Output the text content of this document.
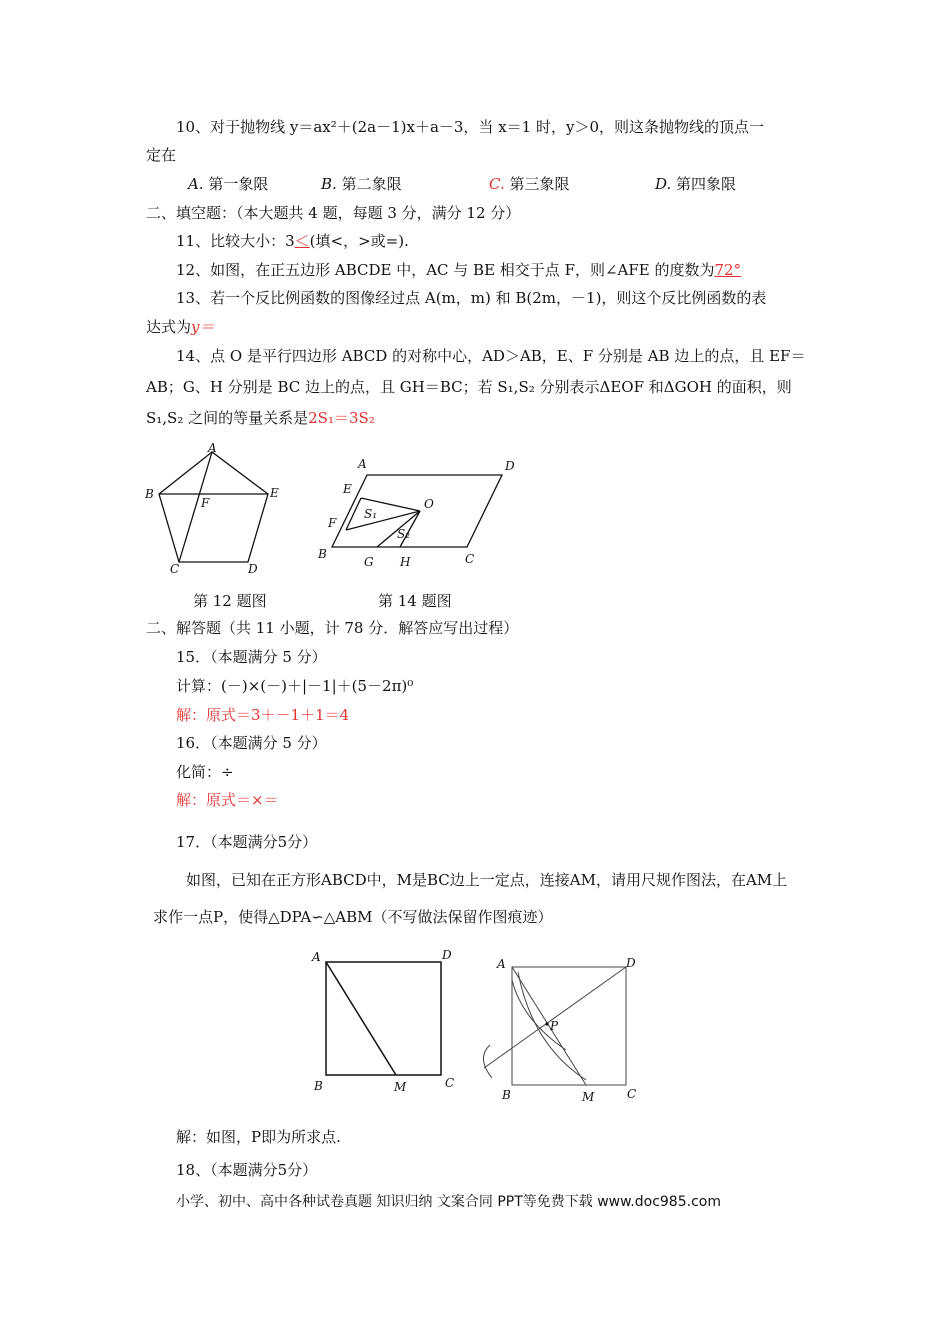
10、对于抛物线 y＝ax²＋(2a－1)x＋a－3，当 x＝1 时，y＞0，则这条抛物线的顶点一
定在
A. 第一象限	B. 第二象限	C. 第三象限	D. 第四象限
二、填空题：（本大题共 4 题，每题 3 分，满分 12 分）
11、比较大小：3＜(填<，>或=).
12、如图，在正五边形 ABCDE 中，AC 与 BE 相交于点 F，则∠AFE 的度数为72°
13、若一个反比例函数的图像经过点 A(m，m) 和 B(2m，－1)，则这个反比例函数的表
达式为y＝
14、点 O 是平行四边形 ABCD 的对称中心，AD＞AB，E、F 分别是 AB 边上的点，且 EF＝
AB；G、H 分别是 BC 边上的点，且 GH＝BC；若 S₁,S₂ 分别表示ΔEOF 和ΔGOH 的面积，则
S₁,S₂ 之间的等量关系是2S₁＝3S₂
A
B	E
F
C	D
第 12 题图
A	D
E
O
F
S₁
S₂
B
G H	C
第 14 题图
二、解答题（共 11 小题，计 78 分．解答应写出过程）
15．（本题满分 5 分）
计算：(－)×(－)＋|－1|＋(5－2π)⁰
解：原式＝3＋－1＋1＝4
16．（本题满分 5 分）
化简：÷
解：原式＝×＝
17．（本题满分5分）
如图，已知在正方形ABCD中，M是BC边上一定点，连接AM，请用尺规作图法，在AM上
求作一点P，使得△DPA∽△ABM（不写做法保留作图痕迹）
A	D
B	M	C
A	D
P
B	M	C
解：如图，P即为所求点.
18、（本题满分5分）
小学、初中、高中各种试卷真题 知识归纳 文案合同 PPT等免费下载 www.doc985.com
